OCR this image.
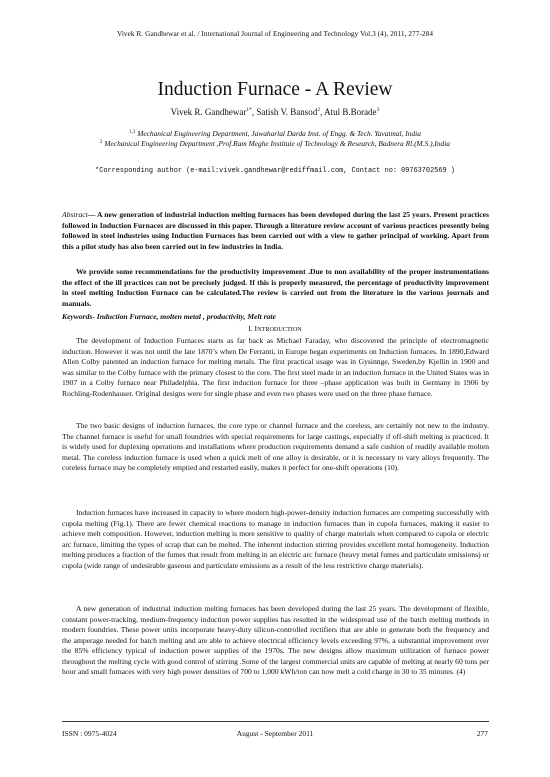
Vivek R. Gandhewar et al. / International Journal of Engineering and Technology Vol.3 (4), 2011, 277-284
Induction Furnace - A Review
Vivek R. Gandhewar$^{1*}$, Satish V. Bansod$^2$, Atul B.Borade$^3$
$^{1,3}$ Mechanical Engineering Department, Jawaharlal Darda Inst. of Engg. & Tech. Yavatmal, India
$^2$ Mechanical Engineering Department ,Prof.Ram Meghe Institute of Technology & Research, Badnera Rl.(M.S.),India
*Corresponding author (e-mail:vivek.gandhewar@rediffmail.com, Contact no: 09763702569 )
Abstract— A new generation of industrial induction melting furnaces has been developed during the last 25 years. Present practices followed in Induction Furnaces are discussed in this paper. Through a literature review account of various practices presently being followed in steel industries using Induction Furnaces has been carried out with a view to gather principal of working. Apart from this a pilot study has also been carried out in few industries in India.
We provide some recommendations for the productivity improvement .Due to non availability of the proper instrumentations the effect of the ill practices can not be precisely judged. If this is properly measured, the percentage of productivity improvement in steel melting Induction Furnace can be calculated.The review is carried out from the literature in the various journals and manuals.
Keywords- Induction Furnace, molten metal , productivity, Melt rate
I. INTRODUCTION
The development of Induction Furnaces starts as far back as Michael Faraday, who discovered the principle of electromagnetic induction. However it was not until the late 1870’s when De Ferranti, in Europe began experiments on Induction furnaces. In 1890,Edward Allen Colby patented an induction furnace for melting metals. The first practical usage was in Gysinnge, Sweden,by Kjellin in 1900 and was similar to the Colby furnace with the primary closest to the core. The first steel made in an induction furnace in the United States was in 1907 in a Colby furnace near Philadelphia. The first induction furnace for three –phase application was built in Germany in 1906 by Rochling-Rodenhauser. Original designs were for single phase and even two phases were used on the three phase furnace.
The two basic designs of induction furnaces, the core type or channel furnace and the coreless, are certainly not new to the industry. The channel furnace is useful for small foundries with special requirements for large castings, especially if off-shift melting is practiced. It is widely used for duplexing operations and installations where production requirements demand a safe cushion of readily available molten metal. The coreless induction furnace is used when a quick melt of one alloy is desirable, or it is necessary to vary alloys frequently. The coreless furnace may be completely emptied and restarted easily, makes it perfect for one-shift operations (10).
Induction furnaces have increased in capacity to where modern high-power-density induction furnaces are competing successfully with cupola melting (Fig.1). There are fewer chemical reactions to manage in induction furnaces than in cupola furnaces, making it easier to achieve melt composition. However, induction melting is more sensitive to quality of charge materials when compared to cupola or electric arc furnace, limiting the types of scrap that can be melted. The inherent induction stirring provides excellent metal homogeneity. Induction melting produces a fraction of the fumes that result from melting in an electric arc furnace (heavy metal fumes and particulate emissions) or cupola (wide range of undesirable gaseous and particulate emissions as a result of the less restrictive charge materials).
A new generation of industrial induction melting furnaces has been developed during the last 25 years. The development of flexible, constant power-tracking, medium-frequency induction power supplies has resulted in the widespread use of the batch melting methods in modern foundries. These power units incorporate heavy-duty silicon-controlled rectifiers that are able to generate both the frequency and the amperage needed for batch melting and are able to achieve electrical efficiency levels exceeding 97%, a substantial improvement over the 85% efficiency typical of induction power supplies of the 1970s. The new designs allow maximum utilization of furnace power throughout the melting cycle with good control of stirring .Some of the largest commercial units are capable of melting at nearly 60 tons per hour and small furnaces with very high power densities of 700 to 1,000 kWh/ton can now melt a cold charge in 30 to 35 minutes. (4)
ISSN : 0975-4024	August - September 2011	277
